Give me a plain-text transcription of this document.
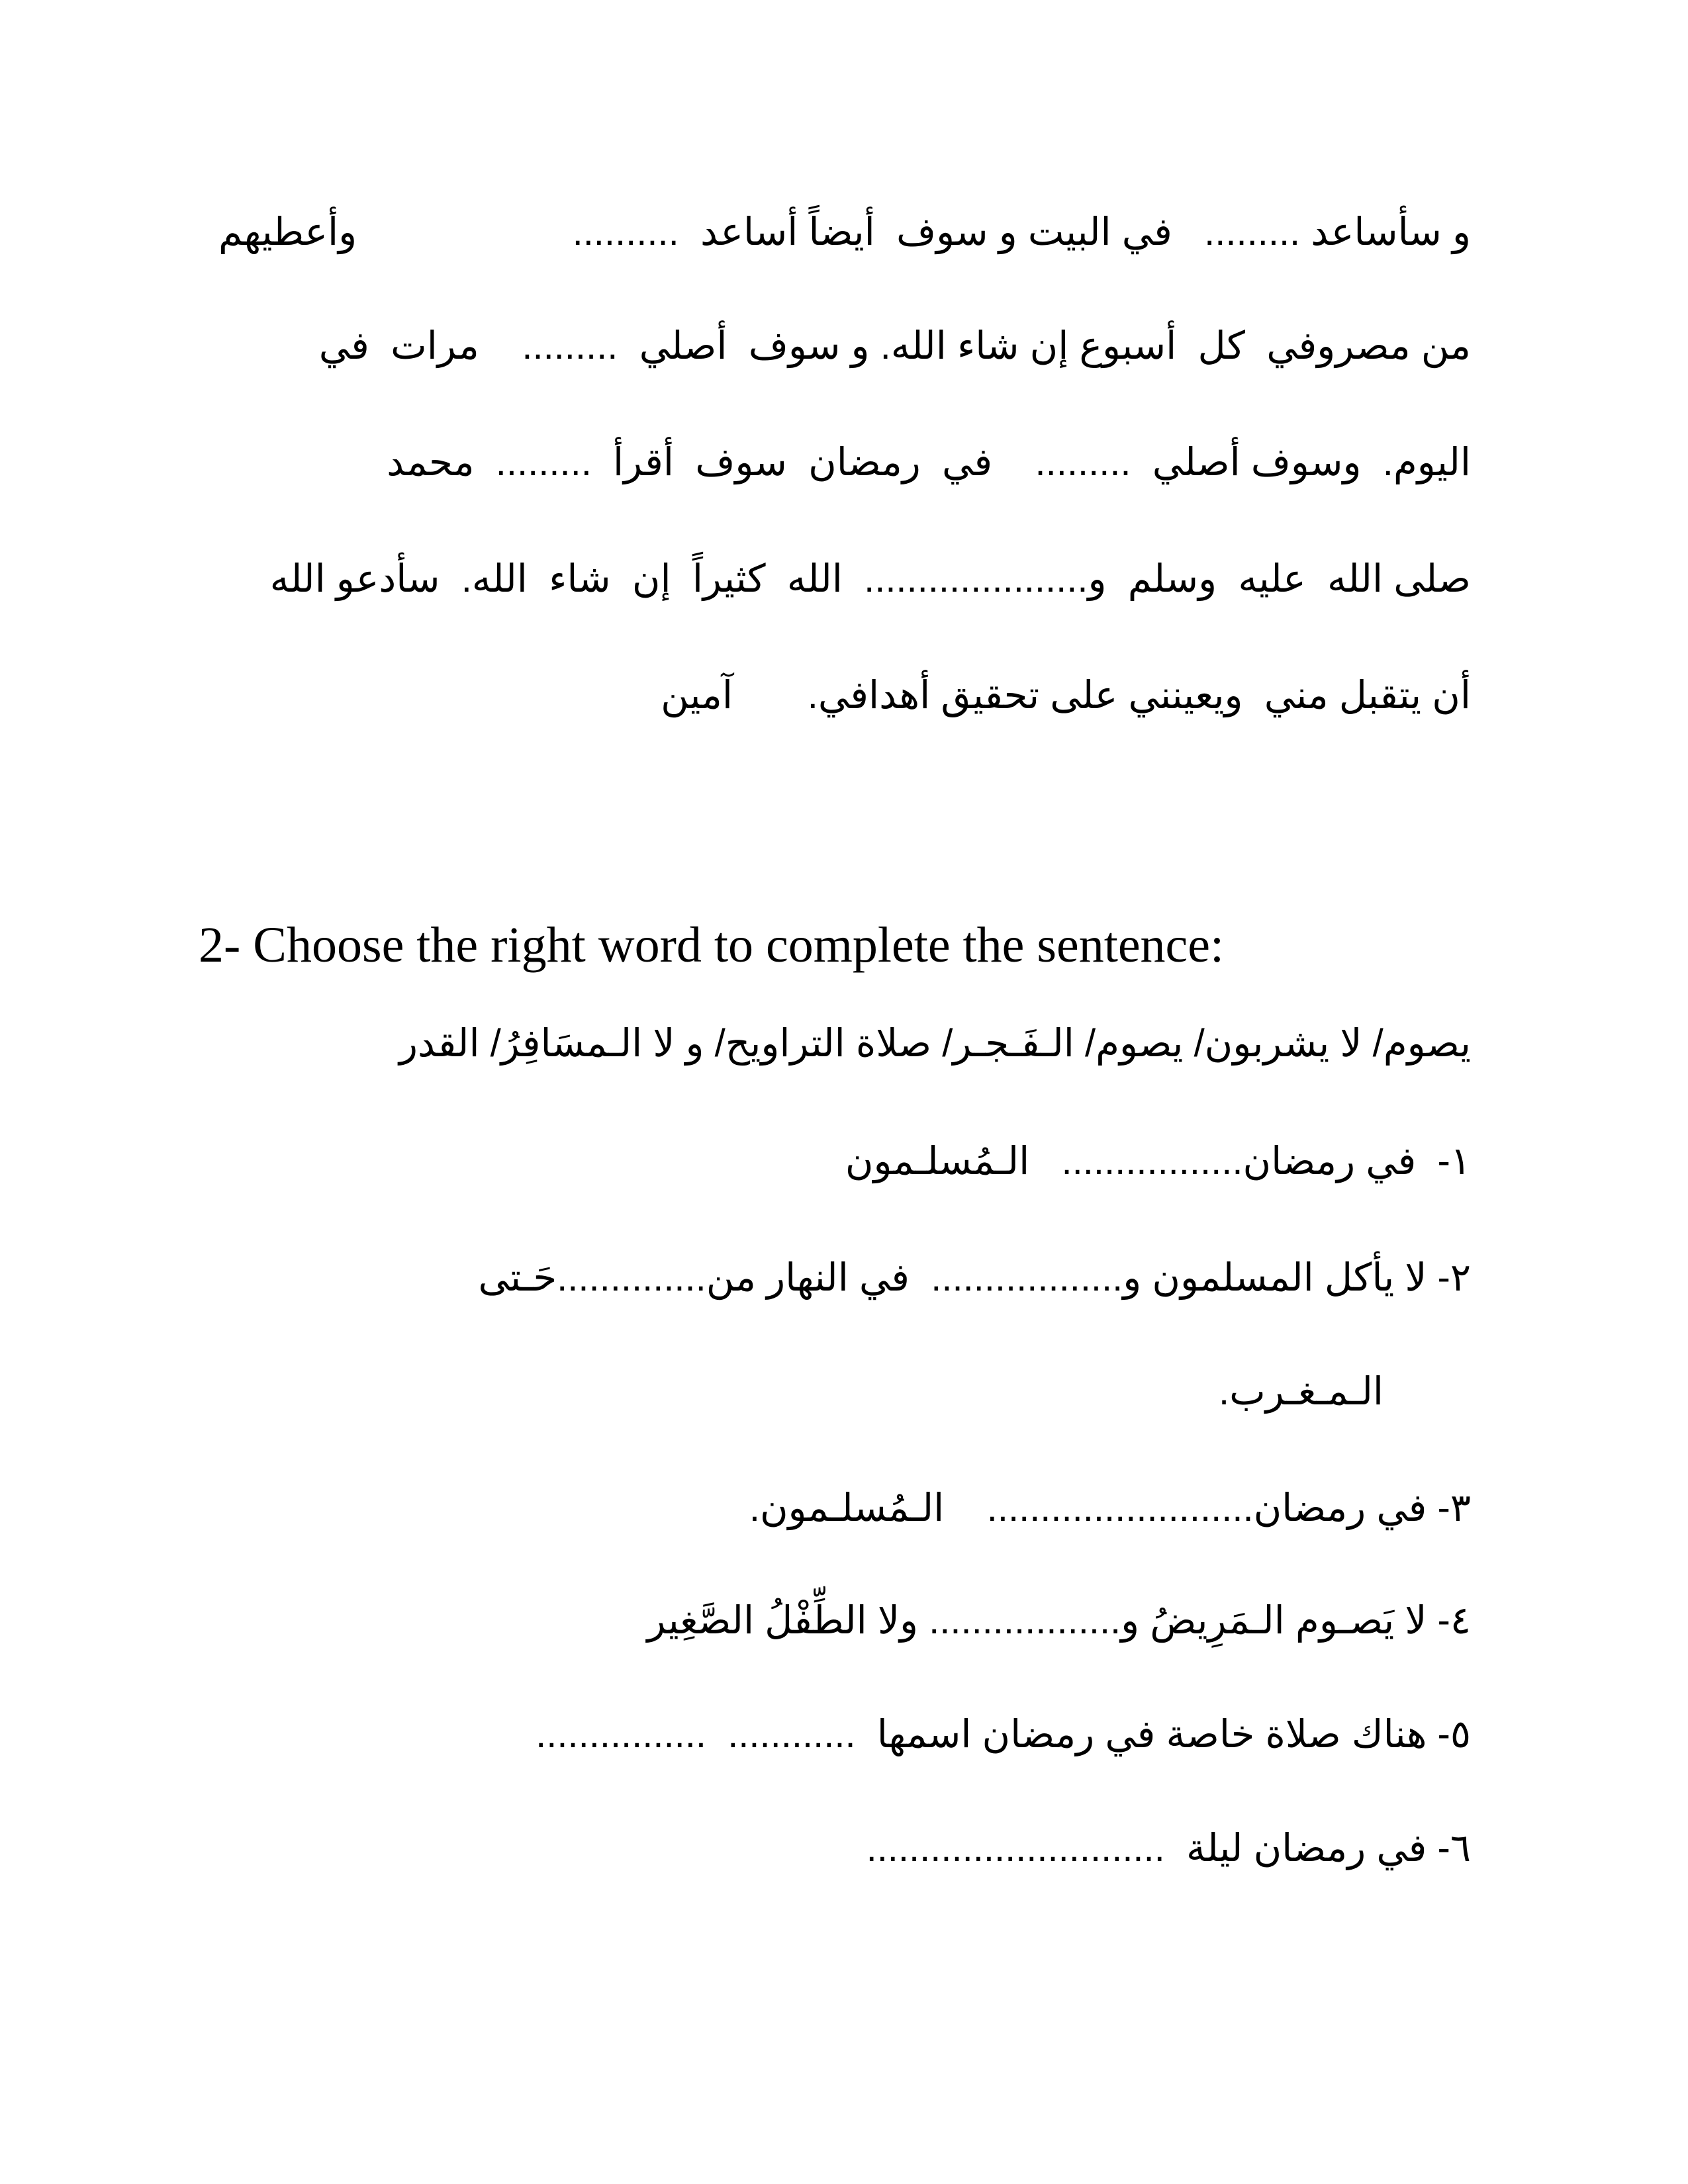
وأعطيهم	و سأساعد .........   في البيت و سوف  أيضاً أساعد  ..........
من مصروفي  كل  أسبوع إن شاء الله. و سوف  أصلي  .........    مرات  في
اليوم.  وسوف أصلي  .........    في  رمضان  سوف  أقرأ  .........  محمد
صلى الله  عليه  وسلم  و.....................  الله  كثيراً  إن  شاء  الله.  سأدعو الله
أن يتقبل مني  ويعينني على تحقيق أهدافي.       آمين
2- Choose the right word to complete the sentence:
يصوم/ لا يشربون/ يصوم/ الـفَـجـر/ صلاة التراويح/ و لا الـمسَافِرُ/ القدر
١-  في رمضان.................   الـمُسلـمون
٢- لا يأكل المسلمون و..................  في النهار من..............حَـتى
الـمـغـرب.
٣- في رمضان.........................    الـمُسلـمون.
٤- لا يَصـوم الـمَرِيضُ و.................. ولا الطِّفْلُ الصَّغِير
٥- هناك صلاة خاصة في رمضان اسمها  ............  ................
٦- في رمضان ليلة  ............................
